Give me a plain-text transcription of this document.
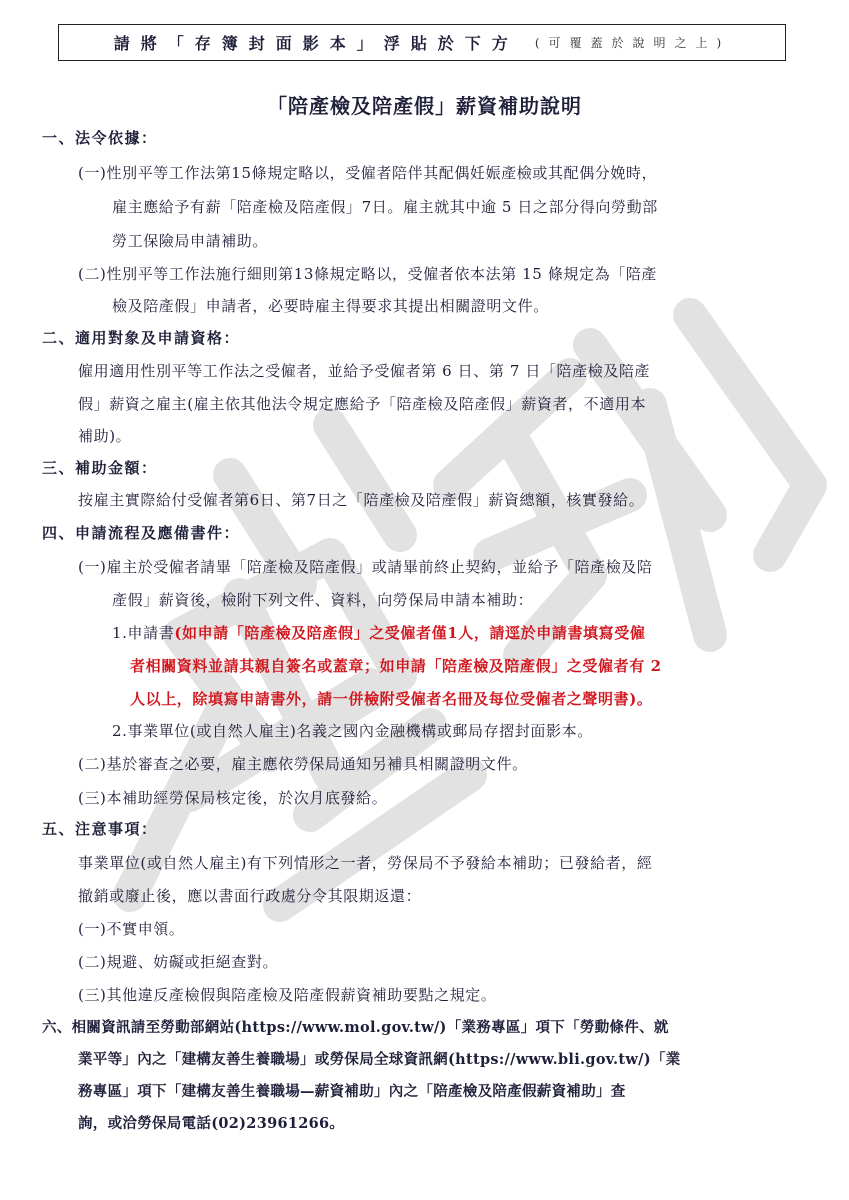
請將「存簿封面影本」浮貼於下方 (可覆蓋於說明之上)
「陪產檢及陪產假」薪資補助說明
一、法令依據：
(一)性別平等工作法第15條規定略以，受僱者陪伴其配偶妊娠產檢或其配偶分娩時，
雇主應給予有薪「陪產檢及陪產假」7日。雇主就其中逾 5 日之部分得向勞動部
勞工保險局申請補助。
(二)性別平等工作法施行細則第13條規定略以，受僱者依本法第 15 條規定為「陪產
檢及陪產假」申請者，必要時雇主得要求其提出相關證明文件。
二、適用對象及申請資格：
僱用適用性別平等工作法之受僱者，並給予受僱者第 6 日、第 7 日「陪產檢及陪產
假」薪資之雇主(雇主依其他法令規定應給予「陪產檢及陪產假」薪資者，不適用本
補助)。
三、補助金額：
按雇主實際給付受僱者第6日、第7日之「陪產檢及陪產假」薪資總額，核實發給。
四、申請流程及應備書件：
(一)雇主於受僱者請畢「陪產檢及陪產假」或請畢前終止契約，並給予「陪產檢及陪
產假」薪資後，檢附下列文件、資料，向勞保局申請本補助：
1.申請書(如申請「陪產檢及陪產假」之受僱者僅1人，請逕於申請書填寫受僱
者相關資料並請其親自簽名或蓋章；如申請「陪產檢及陪產假」之受僱者有 2
人以上，除填寫申請書外，請一併檢附受僱者名冊及每位受僱者之聲明書)。
2.事業單位(或自然人雇主)名義之國內金融機構或郵局存摺封面影本。
(二)基於審查之必要，雇主應依勞保局通知另補具相關證明文件。
(三)本補助經勞保局核定後，於次月底發給。
五、注意事項：
事業單位(或自然人雇主)有下列情形之一者，勞保局不予發給本補助；已發給者，經
撤銷或廢止後，應以書面行政處分令其限期返還：
(一)不實申領。
(二)規避、妨礙或拒絕查對。
(三)其他違反產檢假與陪產檢及陪產假薪資補助要點之規定。
六、相關資訊請至勞動部網站(https://www.mol.gov.tw/)「業務專區」項下「勞動條件、就
業平等」內之「建構友善生養職場」或勞保局全球資訊網(https://www.bli.gov.tw/)「業
務專區」項下「建構友善生養職場—薪資補助」內之「陪產檢及陪產假薪資補助」查
詢，或洽勞保局電話(02)23961266。
